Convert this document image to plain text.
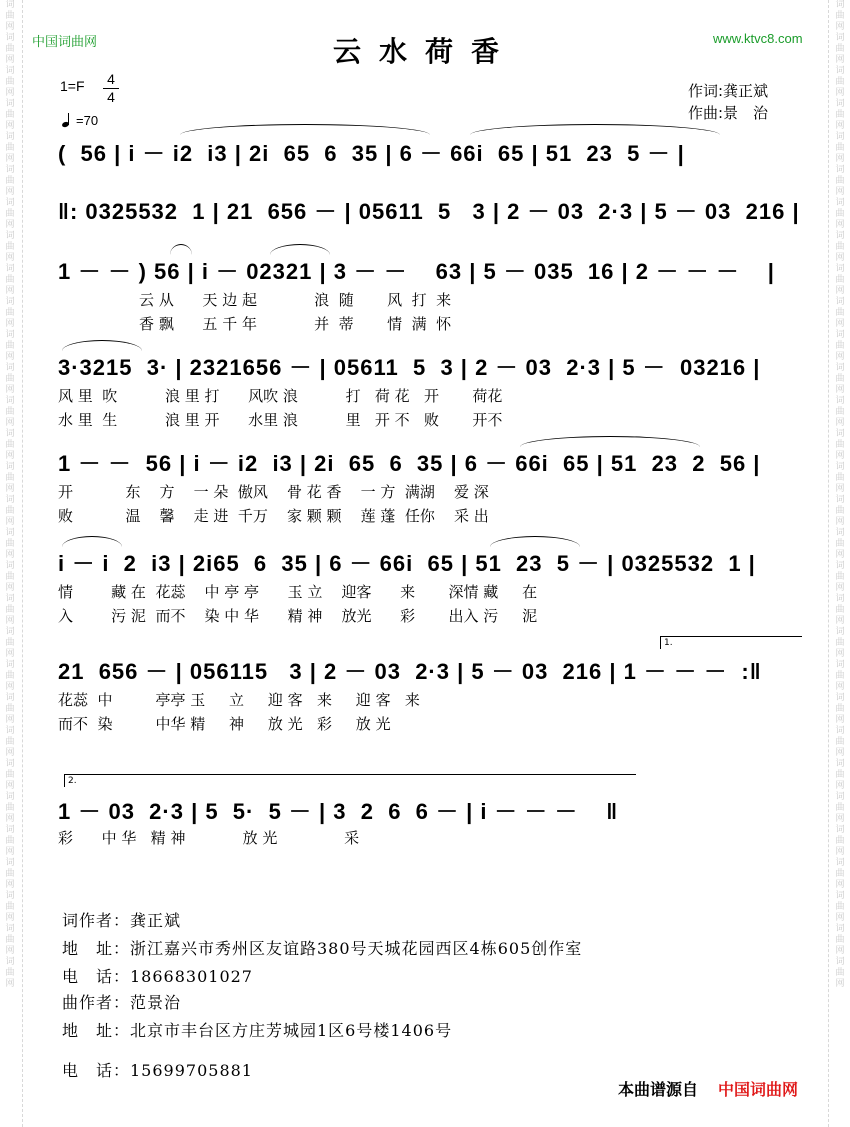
词曲网词曲网词曲网词曲网词曲网词曲网词曲网词曲网词曲网词曲网词曲网词曲网词曲网词曲网词曲网词曲网词曲网词曲网词曲网词曲网词曲网词曲网词曲网词曲网词曲网词曲网词曲网词曲网词曲网词曲网
词曲网词曲网词曲网词曲网词曲网词曲网词曲网词曲网词曲网词曲网词曲网词曲网词曲网词曲网词曲网词曲网词曲网词曲网词曲网词曲网词曲网词曲网词曲网词曲网词曲网词曲网词曲网词曲网词曲网词曲网
中国词曲网	www.ktvc8.com
云水荷香
1=F 4
4
=70
作词:龚正斌
作曲:景　治
(  56 | i － i2  i3 | 2i  65  6  35 | 6 － 66i  65 | 51  23  5 － |
‖: 0325532  1 | 21  656 － | 05611  5   3 | 2 － 03  2·3 | 5 － 03  216 |
1 － － ) 56 | i － 02321 | 3 － －    63 | 5 － 035  16 | 2 － － －    |
云 从      天 边 起            浪  随       风  打  来
香 飘      五 千 年            并  蒂       情  满  怀
3·3215  3· | 2321656 － | 05611  5  3 | 2 － 03  2·3 | 5 －  03216 |
风 里  吹          浪 里 打      风吹 浪          打   荷 花   开       荷花
水 里  生          浪 里 开      水里 浪          里   开 不   败       开不
1 － －  56 | i － i2  i3 | 2i  65  6  35 | 6 － 66i  65 | 51  23  2  56 |
开           东    方    一 朵  傲风    骨 花 香    一 方  满湖    爱 深
败           温    馨    走 进  千万    家 颗 颗    莲 蓬  任你    采 出
i － i  2  i3 | 2i65  6  35 | 6 － 66i  65 | 51  23  5 － | 0325532  1 |
情        藏 在  花蕊    中 亭 亭      玉 立    迎客      来       深情 藏     在
入        污 泥  而不    染 中 华      精 神    放光      彩       出入 污     泥
1.
21  656 － | 056115   3 | 2 － 03  2·3 | 5 － 03  216 | 1 － － －  :‖
花蕊  中         亭亭 玉     立     迎 客   来     迎 客   来
而不  染         中华 精     神     放 光   彩     放 光
2.
1 － 03  2·3 | 5  5·  5 － | 3  2  6  6 － | i － － －    ‖
彩      中 华   精 神            放 光              采
词作者：龚正斌
地　址：浙江嘉兴市秀州区友谊路380号天城花园西区4栋605创作室
电　话：18668301027
曲作者：范景治
地　址：北京市丰台区方庄芳城园1区6号楼1406号
电　话：15699705881
本曲谱源自 中国词曲网
